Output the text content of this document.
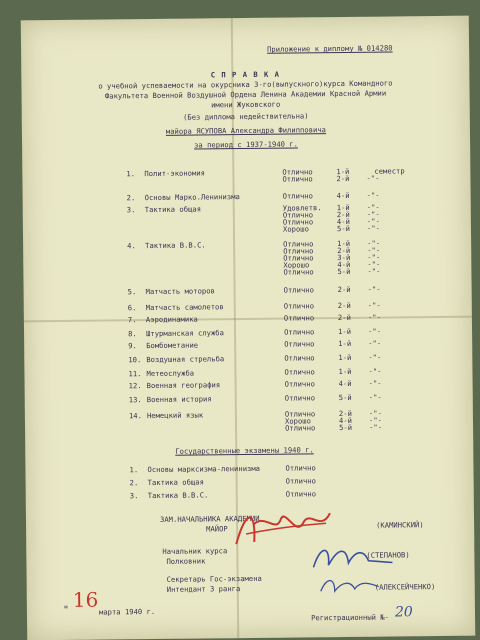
Приложение к диплому № 014280
С П Р А В К А
о учебной успеваемости на окурсника 3-го(выпускного)курса Командного
Факультета Военной Воздушной Ордена Ленина Академии Красной Армии
имени Жуковского
(Без диплома недействительна)
майора ЯСУПОВА Александра Филипповича
за период с 1937-1940 г.
семестр
1. Полит-экономия	Отлично	1-й
Отлично	2-й -"-
2. Основы Марко.Ленинизма	Отлично	4-й -"-
3. Тактика общая	Удовлетв. 1-й -"-
Отлично	2-й -"-
Отлично	4-й -"-
Хорошо	5-й -"-
4. Тактика В.В.С.	Отлично	1-й -"-
Отлично	2-й -"-
Отлично	3-й -"-
Хорошо	4-й -"-
Отлично	5-й -"-
5. Матчасть моторов	Отлично	2-й -"-
6. Матчасть самолетов	Отлично	2-й -"-
7. Аэродинамика	Отлично	2-й -"-
8. Штурманская служба	Отлично	1-й -"-
9. Бомбометание	Отлично	1-й -"-
10. Воздушная стрельба	Отлично	1-й -"-
11. Метеослужба	Отлично	1-й -"-
12. Военная география	Отлично	4-й -"-
13. Военная история	Отлично	5-й -"-
14. Немецкий язык	Отлично	2-й -"-
Хорошо	4-й -"-
Отлично	5-й -"-
Государственные экзамены 1940 г.
1. Основы марксизма-ленинизма	Отлично
2. Тактика общая	Отлично
3. Тактика В.В.С.	Отлично
ЗАМ.НАЧАЛЬНИКА АКАДЕМИИ
МАЙОР	(КАМИНСКИЙ)
Начальник курса
Полковник
(СТЕПАНОВ)
Секретарь Гос-экзамена
Интендант 3 ранга	(АЛЕКСЕЙЧЕНКО)
" 16 марта 1940 г.
Регистрационный №- 20
